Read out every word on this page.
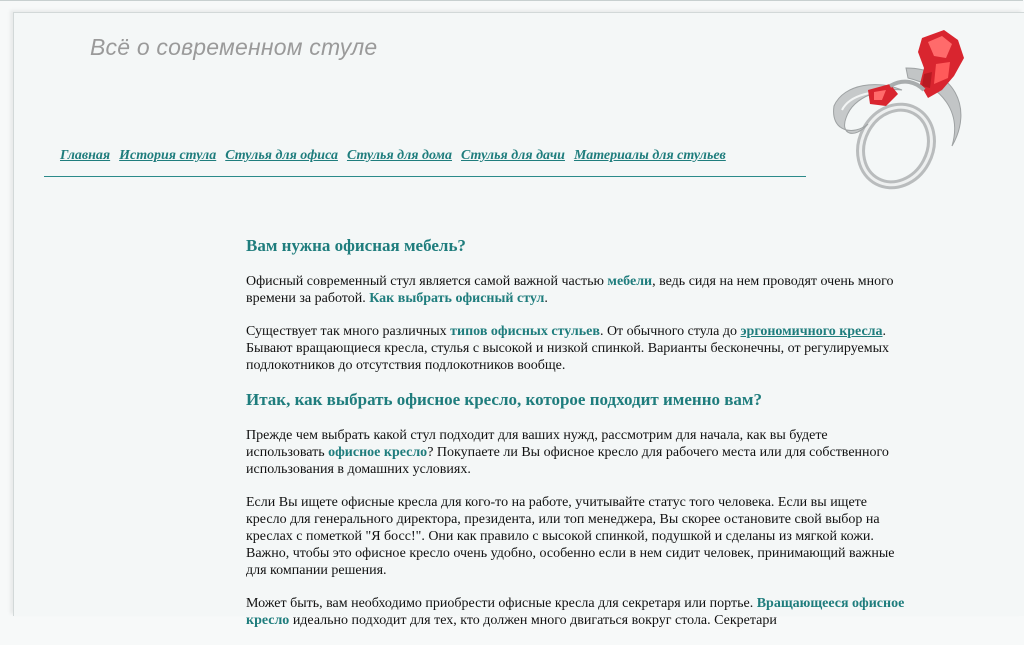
Всё о современном стуле
Главная История стула Стулья для офиса Стулья для дома Стулья для дачи Материалы для стульев
Вам нужна офисная мебель?

Офисный современный стул является самой важной частью мебели, ведь сидя на нем проводят очень много времени за работой. Как выбрать офисный стул.

Существует так много различных типов офисных стульев. От обычного стула до эргономичного кресла. Бывают вращающиеся кресла, стулья с высокой и низкой спинкой. Варианты бесконечны, от регулируемых подлокотников до отсутствия подлокотников вообще.

Итак, как выбрать офисное кресло, которое подходит именно вам?

Прежде чем выбрать какой стул подходит для ваших нужд, рассмотрим для начала, как вы будете использовать офисное кресло? Покупаете ли Вы офисное кресло для рабочего места или для собственного использования в домашних условиях.

Если Вы ищете офисные кресла для кого-то на работе, учитывайте статус того человека. Если вы ищете кресло для генерального директора, президента, или топ менеджера, Вы скорее остановите свой выбор на креслах с пометкой "Я босс!". Они как правило с высокой спинкой, подушкой и сделаны из мягкой кожи. Важно, чтобы это офисное кресло очень удобно, особенно если в нем сидит человек, принимающий важные для компании решения.

Может быть, вам необходимо приобрести офисные кресла для секретаря или портье. Вращающееся офисное кресло идеально подходит для тех, кто должен много двигаться вокруг стола. Секретари
